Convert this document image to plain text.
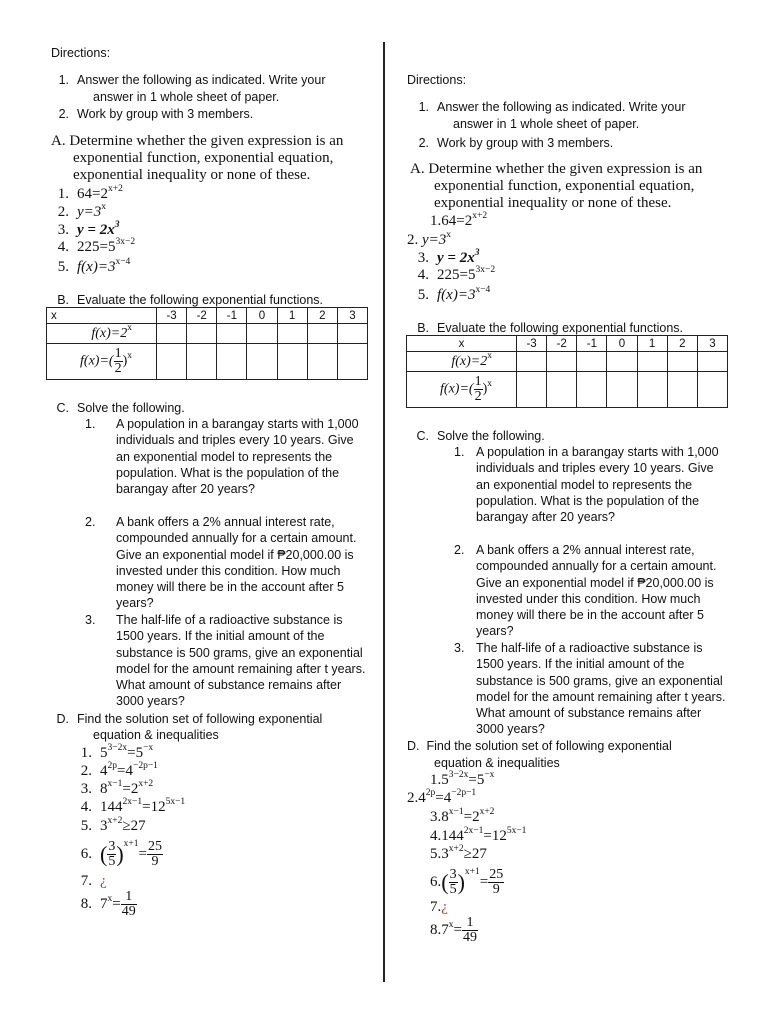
Directions:
1. Answer the following as indicated. Write your
answer in 1 whole sheet of paper.
2. Work by group with 3 members.
A. Determine whether the given expression is an
exponential function, exponential equation,
exponential inequality or none of these.
1. $64=2^{x+2}$
2. $y=3^x$
3. $y = 2x^3$
4. $225=5^{3x-2}$
5. $f(x)=3^{x-4}$
B. Evaluate the following exponential functions.
x	-3	-2	-1	0	1	2	3
$f(x)=2^x$							
$f(x)=( \frac{1}{2} )^x$							
C. Solve the following.
1. A population in a barangay starts with 1,000 individuals and triples every 10 years. Give an exponential model to represents the population. What is the population of the barangay after 20 years?
2. A bank offers a 2% annual interest rate, compounded annually for a certain amount. Give an exponential model if ₱20,000.00 is invested under this condition. How much money will there be in the account after 5 years?
3. The half-life of a radioactive substance is 1500 years. If the initial amount of the substance is 500 grams, give an exponential model for the amount remaining after t years. What amount of substance remains after 3000 years?
D. Find the solution set of following exponential
equation & inequalities
1. $5^{3-2x}=5^{-x}$
2. $4^{2p}=4^{-2p-1}$
3. $8^{x-1}=2^{x+2}$
4. $144^{2x-1}=12^{5x-1}$
5. $3^{x+2}\ge 27$
6. ( $\frac{3}{5} )^{x+1}= \frac{25}{9}$
7. ¿
8. $7^x= \frac{1}{49}$
Directions:
1. Answer the following as indicated. Write your
answer in 1 whole sheet of paper.
2. Work by group with 3 members.
A. Determine whether the given expression is an
exponential function, exponential equation,
exponential inequality or none of these.
$1.64=2^{x+2}$
2. $y=3^x$
3. $y = 2x^3$
4. $225=5^{3x-2}$
5. $f(x)=3^{x-4}$
B. Evaluate the following exponential functions.
x	-3	-2	-1	0	1	2	3
$f(x)=2^x$							
$f(x)=( \frac{1}{2} )^x$							
C. Solve the following.
1. A population in a barangay starts with 1,000 individuals and triples every 10 years. Give an exponential model to represents the population. What is the population of the barangay after 20 years?
2. A bank offers a 2% annual interest rate, compounded annually for a certain amount. Give an exponential model if ₱20,000.00 is invested under this condition. How much money will there be in the account after 5 years?
3. The half-life of a radioactive substance is 1500 years. If the initial amount of the substance is 500 grams, give an exponential model for the amount remaining after t years. What amount of substance remains after 3000 years?
D. Find the solution set of following exponential
equation & inequalities
$1.5^{3-2x}=5^{-x}$
$2.4^{2p}=4^{-2p-1}$
$3.8^{x-1}=2^{x+2}$
$4.144^{2x-1}=12^{5x-1}$
$5.3^{x+2}\ge 27$
$6.( \frac{3}{5} )^{x+1}= \frac{25}{9}$
7.¿
$8.7^x= \frac{1}{49}$
